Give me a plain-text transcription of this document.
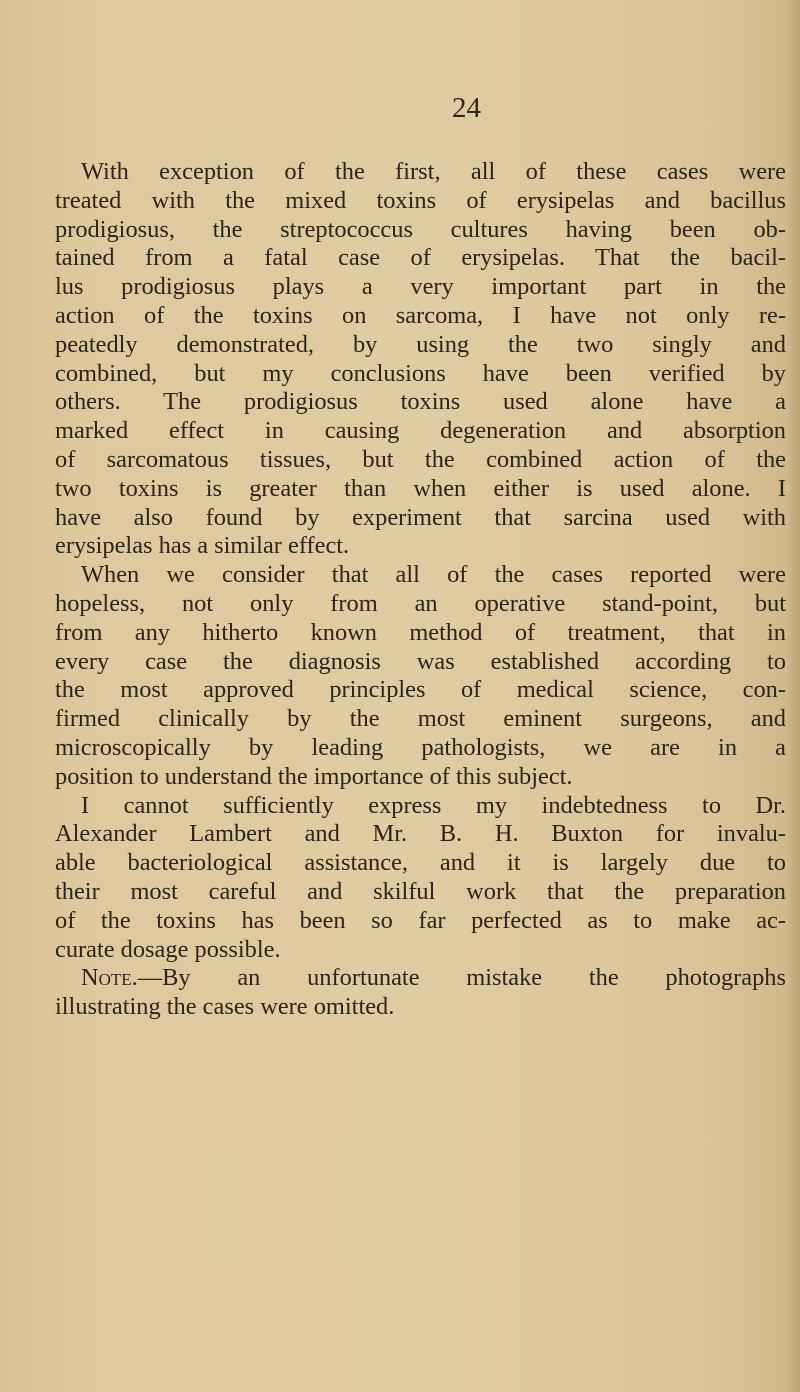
24

With exception of the first, all of these cases were

treated with the mixed toxins of erysipelas and bacillus

prodigiosus, the streptococcus cultures having been ob-

tained from a fatal case of erysipelas. That the bacil-

lus prodigiosus plays a very important part in the

action of the toxins on sarcoma, I have not only re-

peatedly demonstrated, by using the two singly and

combined, but my conclusions have been verified by

others. The prodigiosus toxins used alone have a

marked effect in causing degeneration and absorption

of sarcomatous tissues, but the combined action of the

two toxins is greater than when either is used alone. I

have also found by experiment that sarcina used with

erysipelas has a similar effect.

When we consider that all of the cases reported were

hopeless, not only from an operative stand-point, but

from any hitherto known method of treatment, that in

every case the diagnosis was established according to

the most approved principles of medical science, con-

firmed clinically by the most eminent surgeons, and

microscopically by leading pathologists, we are in a

position to understand the importance of this subject.

I cannot sufficiently express my indebtedness to Dr.

Alexander Lambert and Mr. B. H. Buxton for invalu-

able bacteriological assistance, and it is largely due to

their most careful and skilful work that the preparation

of the toxins has been so far perfected as to make ac-

curate dosage possible.

Note.—By an unfortunate mistake the photographs

illustrating the cases were omitted.
